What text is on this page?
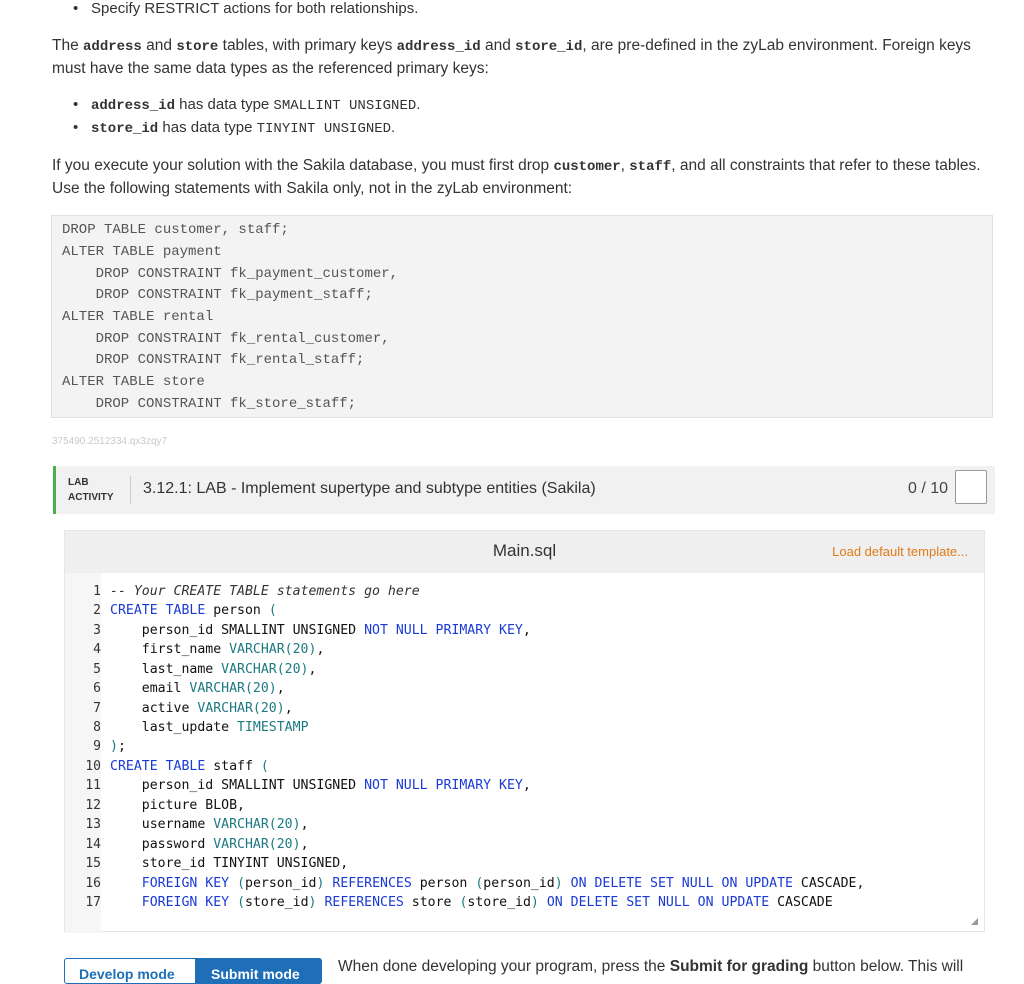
• Specify RESTRICT actions for both relationships.
The address and store tables, with primary keys address_id and store_id, are pre-defined in the zyLab environment. Foreign keys must have the same data types as the referenced primary keys:
• address_id has data type SMALLINT UNSIGNED.
• store_id has data type TINYINT UNSIGNED.
If you execute your solution with the Sakila database, you must first drop customer, staff, and all constraints that refer to these tables. Use the following statements with Sakila only, not in the zyLab environment:
DROP TABLE customer, staff;
ALTER TABLE payment
DROP CONSTRAINT fk_payment_customer,
DROP CONSTRAINT fk_payment_staff;
ALTER TABLE rental
DROP CONSTRAINT fk_rental_customer,
DROP CONSTRAINT fk_rental_staff;
ALTER TABLE store
DROP CONSTRAINT fk_store_staff;
375490.2512334.qx3zqy7
LAB
ACTIVITY
3.12.1: LAB - Implement supertype and subtype entities (Sakila)	0 / 10
Main.sql	Load default template...
1
2
3
4
5
6
7
8
9
10
11
12
13
14
15
16
17
-- Your CREATE TABLE statements go here
CREATE TABLE person (
person_id SMALLINT UNSIGNED NOT NULL PRIMARY KEY,
first_name VARCHAR(20),
last_name VARCHAR(20),
email VARCHAR(20),
active VARCHAR(20),
last_update TIMESTAMP
);
CREATE TABLE staff (
person_id SMALLINT UNSIGNED NOT NULL PRIMARY KEY,
picture BLOB,
username VARCHAR(20),
password VARCHAR(20),
store_id TINYINT UNSIGNED,
FOREIGN KEY (person_id) REFERENCES person (person_id) ON DELETE SET NULL ON UPDATE CASCADE,
FOREIGN KEY (store_id) REFERENCES store (store_id) ON DELETE SET NULL ON UPDATE CASCADE
Develop mode	Submit mode	When done developing your program, press the Submit for grading button below. This will
